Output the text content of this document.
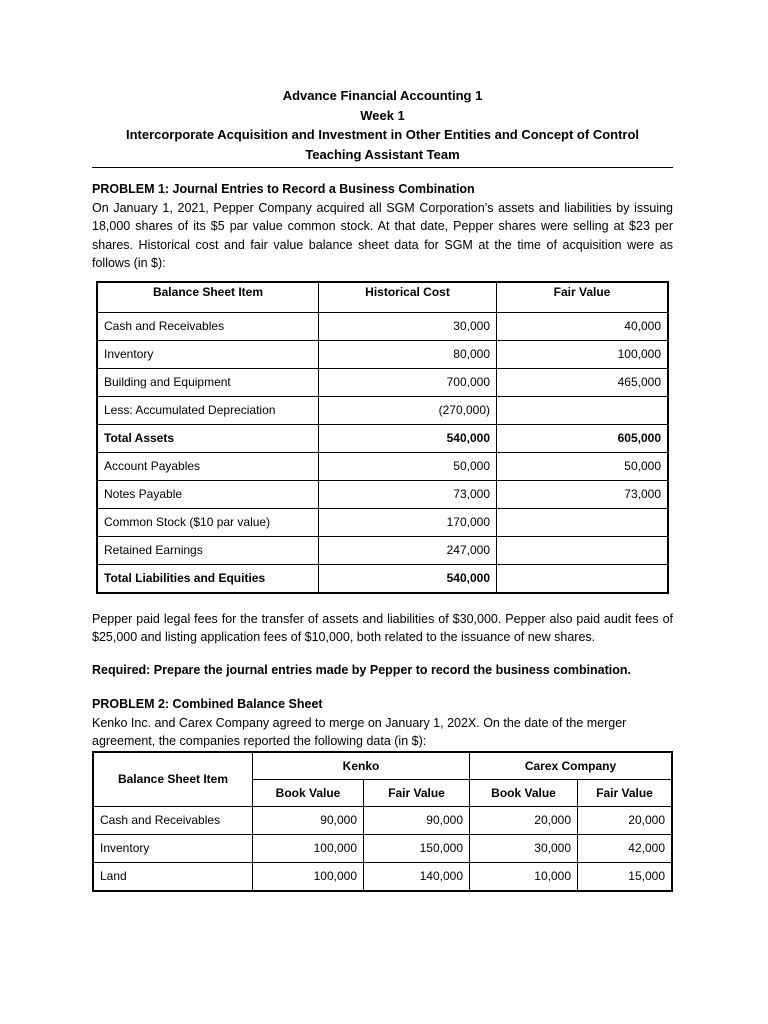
Advance Financial Accounting 1
Week 1
Intercorporate Acquisition and Investment in Other Entities and Concept of Control
Teaching Assistant Team
PROBLEM 1: Journal Entries to Record a Business Combination
On January 1, 2021, Pepper Company acquired all SGM Corporation’s assets and liabilities by issuing 18,000 shares of its $5 par value common stock. At that date, Pepper shares were selling at $23 per shares. Historical cost and fair value balance sheet data for SGM at the time of acquisition were as follows (in $):
Balance Sheet Item	Historical Cost	Fair Value
Cash and Receivables	30,000	40,000
Inventory	80,000	100,000
Building and Equipment	700,000	465,000
Less: Accumulated Depreciation	(270,000)	
Total Assets	540,000	605,000
Account Payables	50,000	50,000
Notes Payable	73,000	73,000
Common Stock ($10 par value)	170,000	
Retained Earnings	247,000	
Total Liabilities and Equities	540,000	
Pepper paid legal fees for the transfer of assets and liabilities of $30,000. Pepper also paid audit fees of $25,000 and listing application fees of $10,000, both related to the issuance of new shares.
Required: Prepare the journal entries made by Pepper to record the business combination.
PROBLEM 2: Combined Balance Sheet
Kenko Inc. and Carex Company agreed to merge on January 1, 202X. On the date of the merger agreement, the companies reported the following data (in $):
Balance Sheet Item	Kenko		Carex Company	
	Book Value	Fair Value	Book Value	Fair Value
Cash and Receivables	90,000	90,000	20,000	20,000
Inventory	100,000	150,000	30,000	42,000
Land	100,000	140,000	10,000	15,000
